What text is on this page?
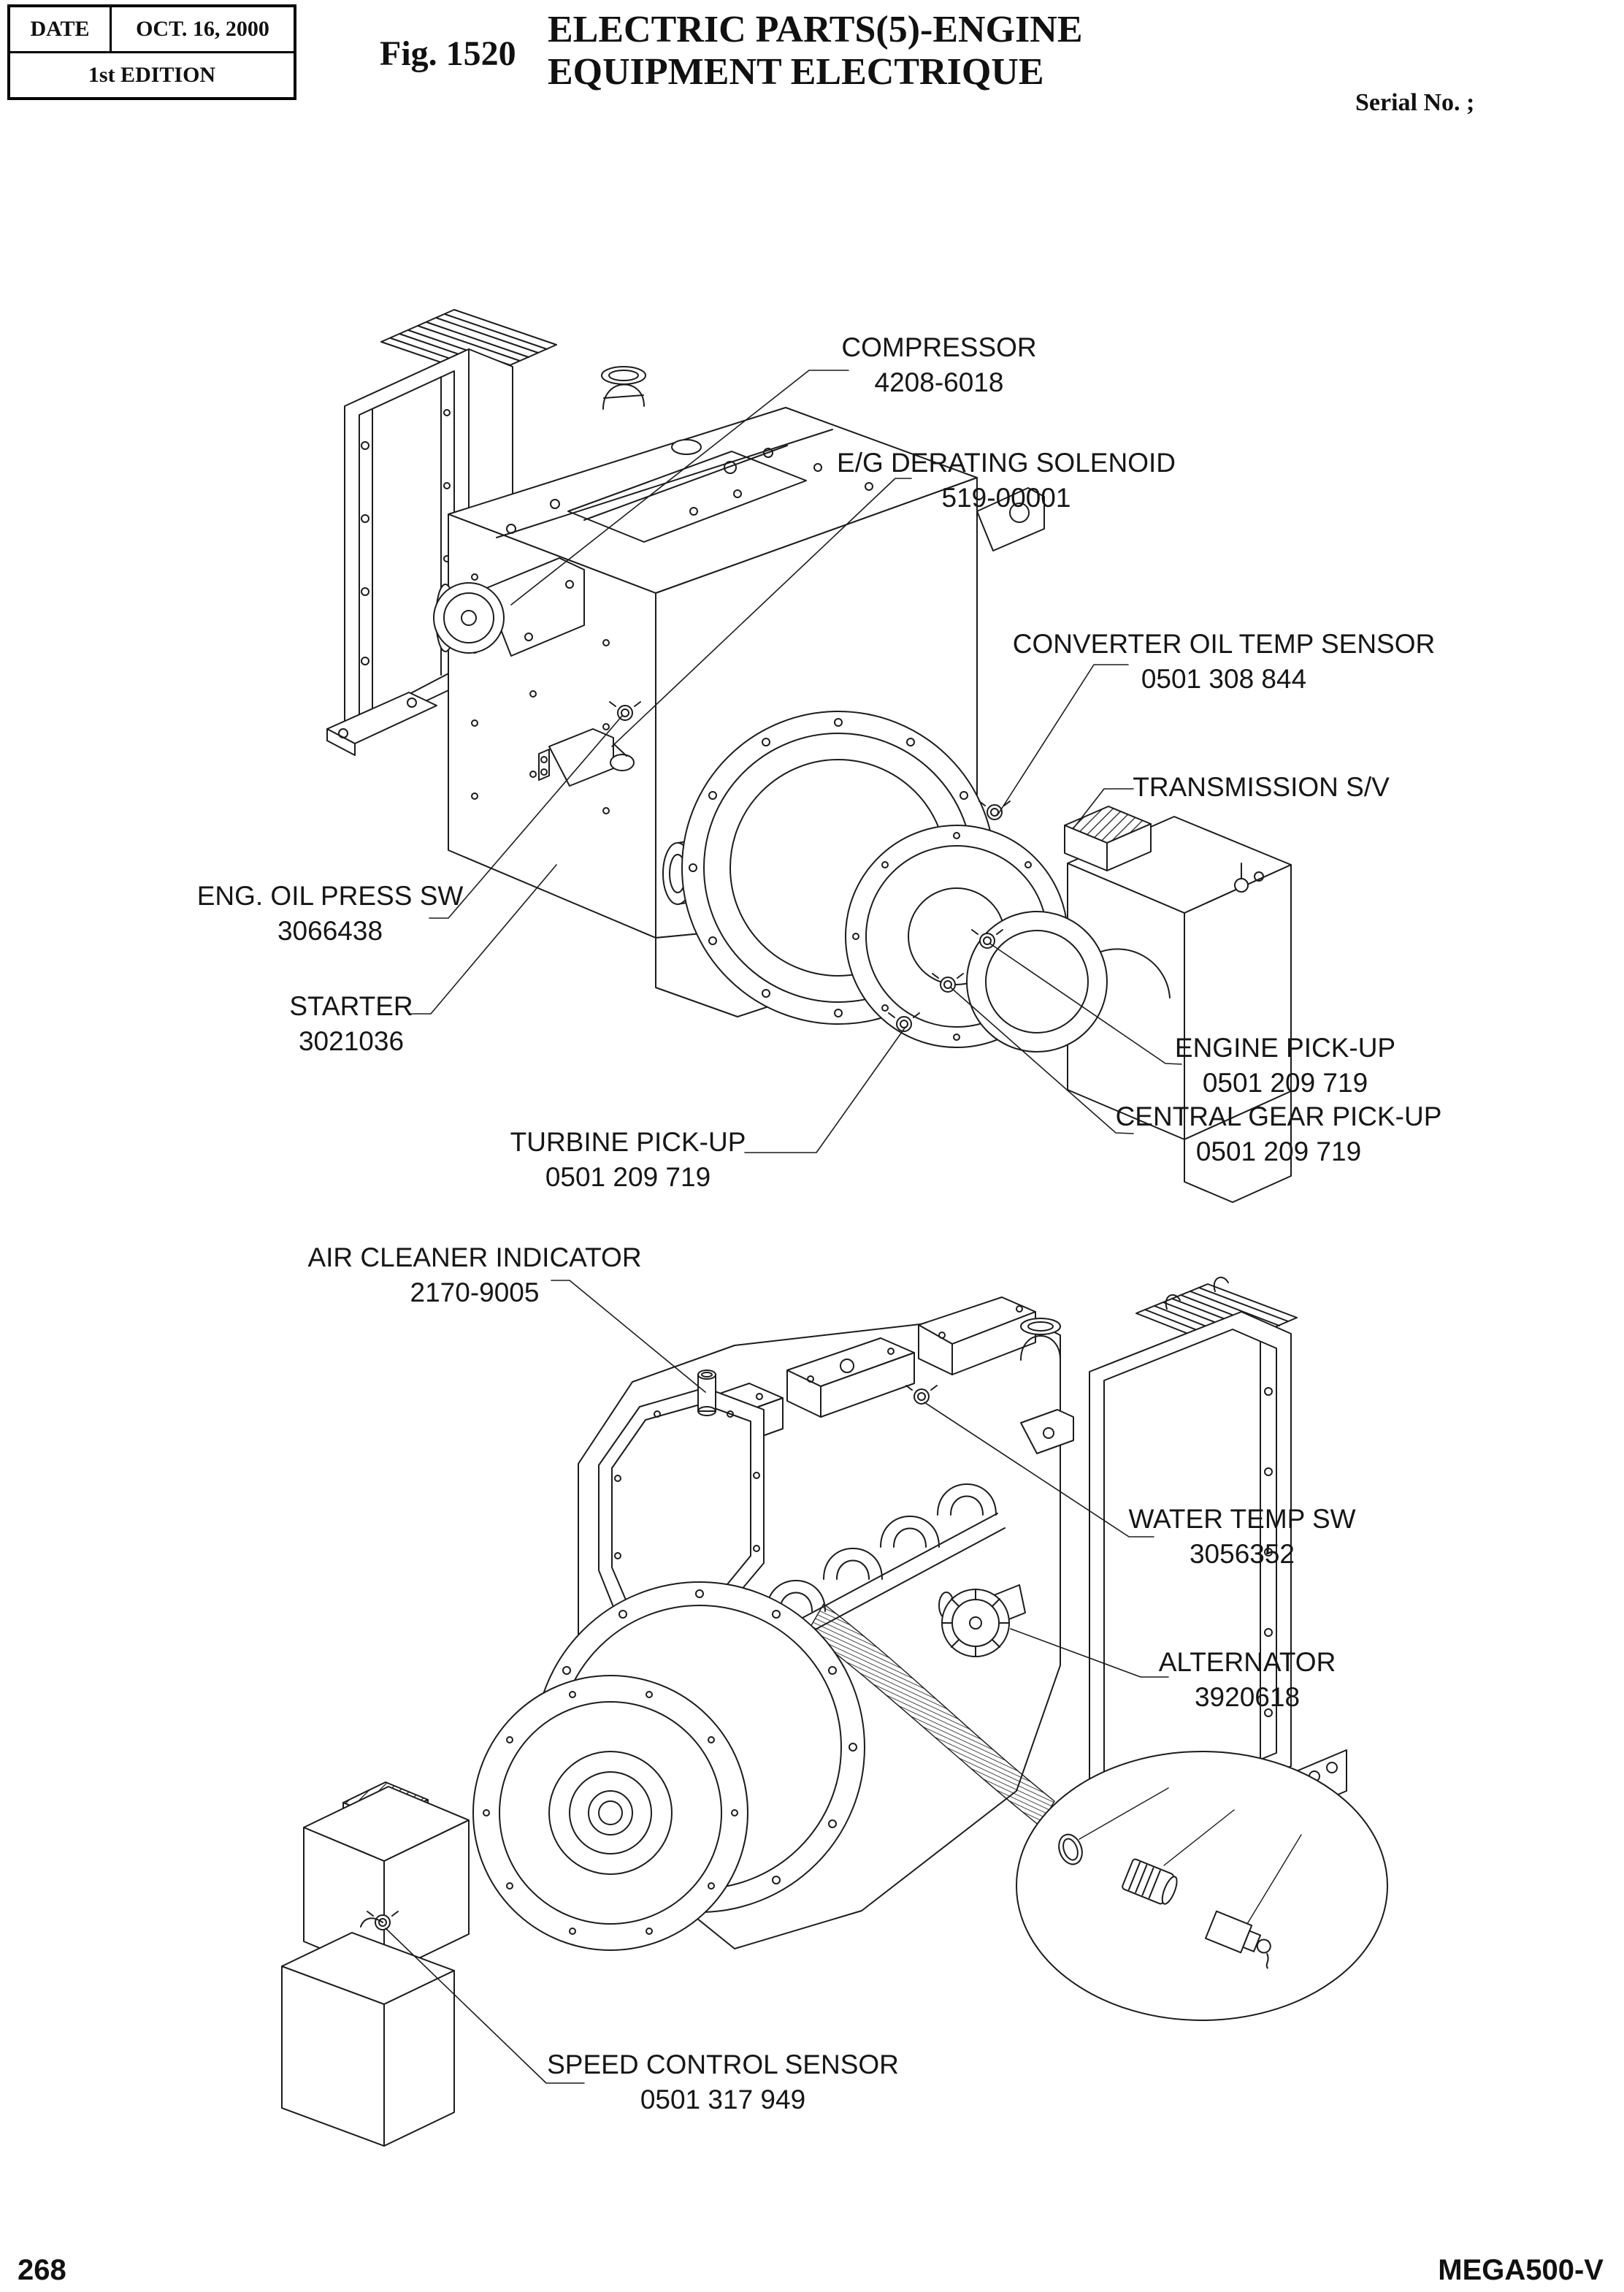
DATE	OCT. 16, 2000
1st EDITION
Fig. 1520
ELECTRIC PARTS(5)-ENGINE
EQUIPMENT ELECTRIQUE
Serial No. ;
COMPRESSOR
4208-6018
E/G DERATING SOLENOID
519-00001
CONVERTER OIL TEMP SENSOR
0501 308 844
TRANSMISSION S/V
ENG. OIL PRESS SW
3066438
STARTER
3021036	ENGINE PICK-UP
0501 209 719
CENTRAL GEAR PICK-UP
0501 209 719
TURBINE PICK-UP
0501 209 719
AIR CLEANER INDICATOR
2170-9005
WATER TEMP SW
3056352
ALTERNATOR
3920618
SPEED CONTROL SENSOR
0501 317 949
268	MEGA500-V
